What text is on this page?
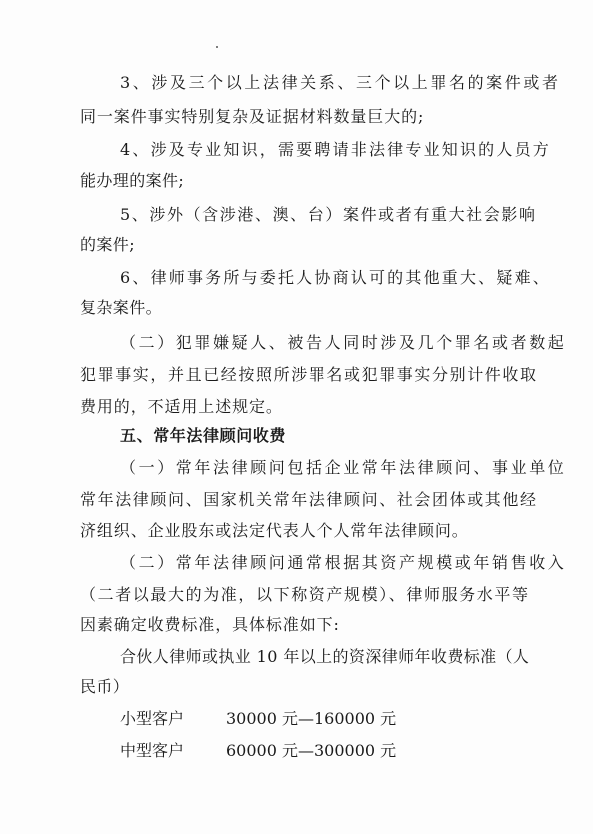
3、涉及三个以上法律关系、三个以上罪名的案件或者
同一案件事实特别复杂及证据材料数量巨大的;
4、涉及专业知识，需要聘请非法律专业知识的人员方
能办理的案件;
5、涉外（含涉港、澳、台）案件或者有重大社会影响
的案件;
6、律师事务所与委托人协商认可的其他重大、疑难、
复杂案件。
（二）犯罪嫌疑人、被告人同时涉及几个罪名或者数起
犯罪事实，并且已经按照所涉罪名或犯罪事实分别计件收取
费用的，不适用上述规定。
五、常年法律顾问收费
（一）常年法律顾问包括企业常年法律顾问、事业单位
常年法律顾问、国家机关常年法律顾问、社会团体或其他经
济组织、企业股东或法定代表人个人常年法律顾问。
（二）常年法律顾问通常根据其资产规模或年销售收入
（二者以最大的为准，以下称资产规模）、律师服务水平等
因素确定收费标准，具体标准如下:
合伙人律师或执业 10 年以上的资深律师年收费标准（人
民币）
小型客户	30000 元—160000 元
中型客户	60000 元—300000 元
